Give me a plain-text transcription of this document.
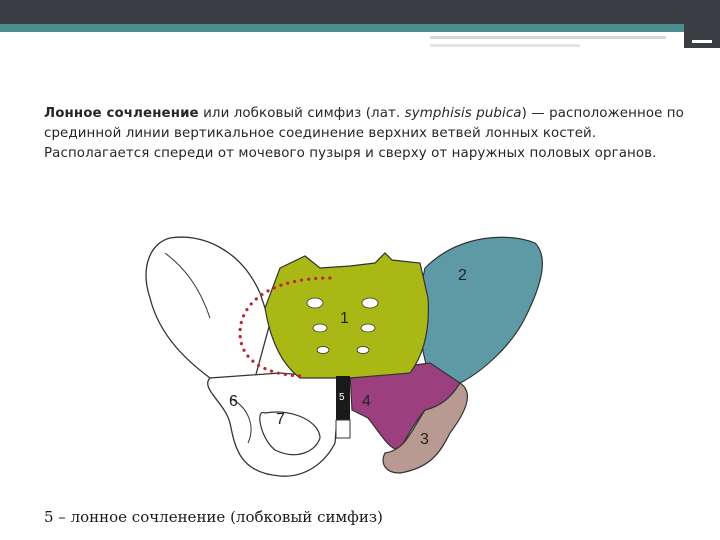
Лонное сочленение или лобковый симфиз (лат. symphisis pubica) — расположенное по срединной линии вертикальное соединение верхних ветвей лонных костей. Располагается спереди от мочевого пузыря и сверху от наружных половых органов.
1
2
3
4
5
6
7
5 – лонное сочленение (лобковый симфиз)
